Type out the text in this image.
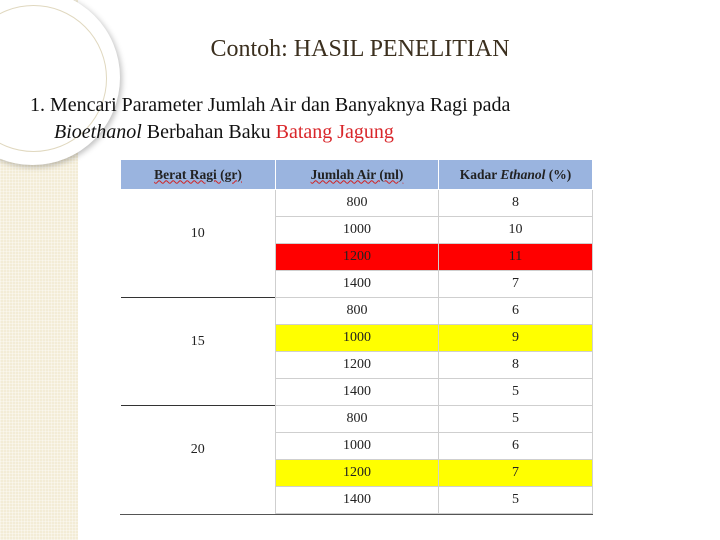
Contoh: HASIL PENELITIAN
1. Mencari Parameter Jumlah Air dan Banyaknya Ragi pada
Bioethanol Berbahan Baku Batang Jagung
Berat Ragi (gr)	Jumlah Air (ml)	Kadar Ethanol (%)
10	800	8
	1000	10
	1200	11
	1400	7
15	800	6
	1000	9
	1200	8
	1400	5
20	800	5
	1000	6
	1200	7
	1400	5
